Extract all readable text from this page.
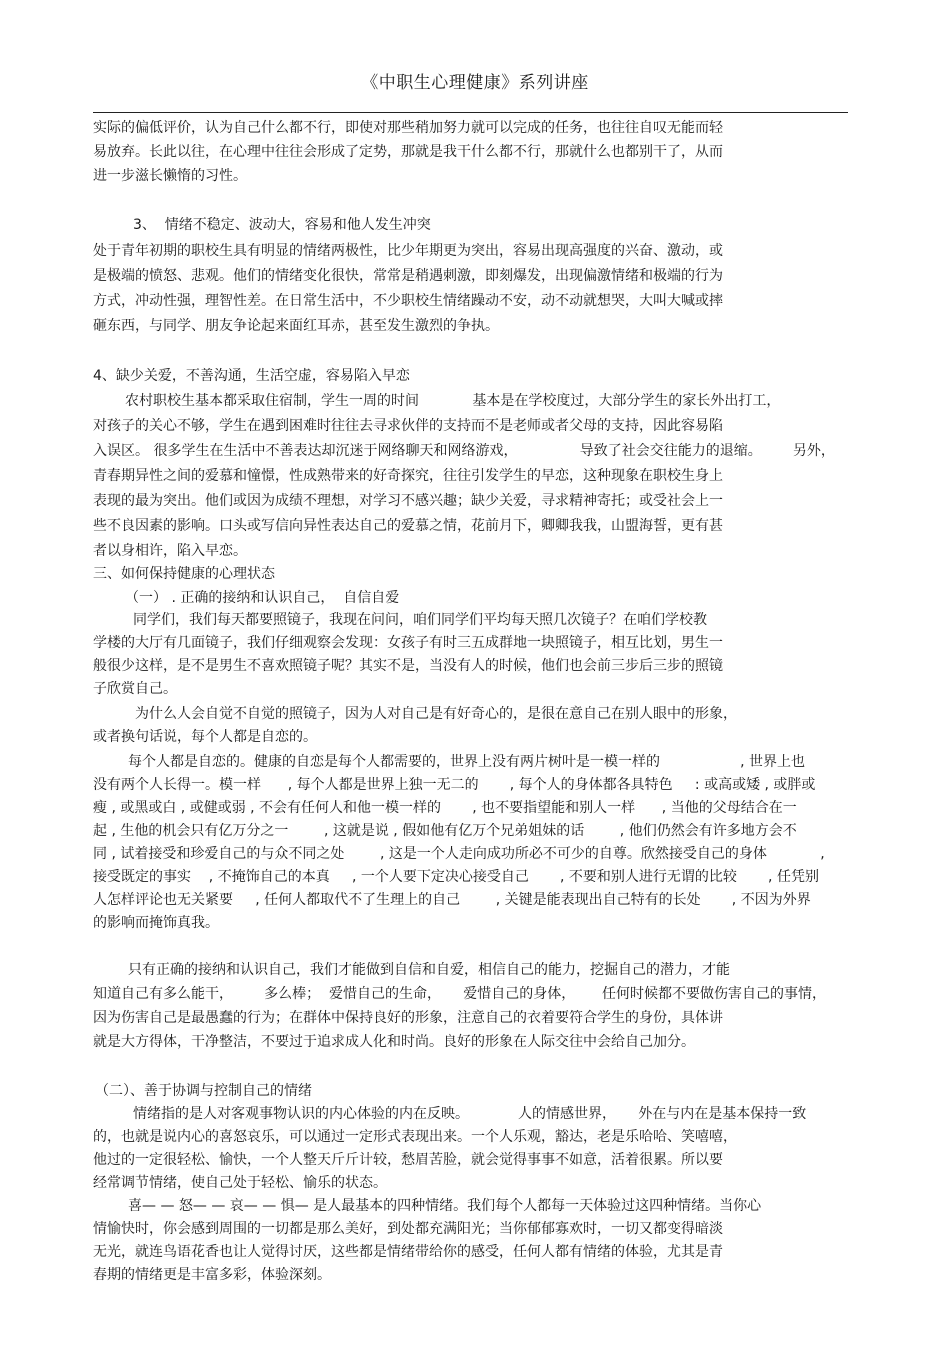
《中职生心理健康》系列讲座
实际的偏低评价，认为自己什么都不行，即使对那些稍加努力就可以完成的任务，也往往自叹无能而轻
易放弃。长此以往，在心理中往往会形成了定势，那就是我干什么都不行，那就什么也都别干了，从而
进一步滋长懒惰的习性。
3、  情绪不稳定、波动大，容易和他人发生冲突
处于青年初期的职校生具有明显的情绪两极性，比少年期更为突出，容易出现高强度的兴奋、激动，或
是极端的愤怒、悲观。他们的情绪变化很快，常常是稍遇刺激，即刻爆发，出现偏激情绪和极端的行为
方式，冲动性强，理智性差。在日常生活中，不少职校生情绪躁动不安，动不动就想哭，大叫大喊或摔
砸东西，与同学、朋友争论起来面红耳赤，甚至发生激烈的争执。
4、缺少关爱，不善沟通，生活空虚，容易陷入早恋
农村职校生基本都采取住宿制，学生一周的时间            基本是在学校度过，大部分学生的家长外出打工，
对孩子的关心不够，学生在遇到困难时往往去寻求伙伴的支持而不是老师或者父母的支持，因此容易陷
入误区。 很多学生在生活中不善表达却沉迷于网络聊天和网络游戏，              导致了社会交往能力的退缩。       另外，
青春期异性之间的爱慕和憧憬，性成熟带来的好奇探究，往往引发学生的早恋，这种现象在职校生身上
表现的最为突出。他们或因为成绩不理想，对学习不感兴趣；缺少关爱，寻求精神寄托；或受社会上一
些不良因素的影响。口头或写信向异性表达自己的爱慕之情，花前月下，卿卿我我，山盟海誓，更有甚
者以身相许，陷入早恋。
三、如何保持健康的心理状态
（一） . 正确的接纳和认识自己，  自信自爱
同学们，我们每天都要照镜子，我现在问问，咱们同学们平均每天照几次镜子？在咱们学校教
学楼的大厅有几面镜子，我们仔细观察会发现：女孩子有时三五成群地一块照镜子，相互比划，男生一
般很少这样，是不是男生不喜欢照镜子呢？其实不是，当没有人的时候，他们也会前三步后三步的照镜
子欣赏自己。
为什么人会自觉不自觉的照镜子，因为人对自己是有好奇心的，是很在意自己在别人眼中的形象，
或者换句话说，每个人都是自恋的。
每个人都是自恋的。健康的自恋是每个人都需要的，世界上没有两片树叶是一模一样的                  , 世界上也
没有两个人长得一。模一样      , 每个人都是世界上独一无二的       , 每个人的身体都各具特色     : 或高或矮 , 或胖或
瘦 , 或黑或白 , 或健或弱 , 不会有任何人和他一模一样的       , 也不要指望能和别人一样      , 当他的父母结合在一
起 , 生他的机会只有亿万分之一        , 这就是说 , 假如他有亿万个兄弟姐妹的话        , 他们仍然会有许多地方会不
同 , 试着接受和珍爱自己的与众不同之处        , 这是一个人走向成功所必不可少的自尊。欣然接受自己的身体            ,
接受既定的事实    , 不掩饰自己的本真     , 一个人要下定决心接受自己       , 不要和别人进行无谓的比较       , 任凭别
人怎样评论也无关紧要     , 任何人都取代不了生理上的自己        , 关键是能表现出自己特有的长处       , 不因为外界
的影响而掩饰真我。
只有正确的接纳和认识自己，我们才能做到自信和自爱，相信自己的能力，挖掘自己的潜力，才能
知道自己有多么能干，       多么棒；  爱惜自己的生命，     爱惜自己的身体，      任何时候都不要做伤害自己的事情，
因为伤害自己是最愚蠢的行为；在群体中保持良好的形象，注意自己的衣着要符合学生的身份，具体讲
就是大方得体，干净整洁，不要过于追求成人化和时尚。良好的形象在人际交往中会给自己加分。
（二）、善于协调与控制自己的情绪
情绪指的是人对客观事物认识的内心体验的内在反映。           人的情感世界，     外在与内在是基本保持一致
的，也就是说内心的喜怒哀乐，可以通过一定形式表现出来。一个人乐观，豁达，老是乐哈哈、笑嘻嘻，
他过的一定很轻松、愉快，一个人整天斤斤计较，愁眉苦脸，就会觉得事事不如意，活着很累。所以要
经常调节情绪，使自己处于轻松、愉乐的状态。
喜— — 怒— — 哀— — 惧— 是人最基本的四种情绪。我们每个人都每一天体验过这四种情绪。当你心
情愉快时，你会感到周围的一切都是那么美好，到处都充满阳光；当你郁郁寡欢时，一切又都变得暗淡
无光，就连鸟语花香也让人觉得讨厌，这些都是情绪带给你的感受，任何人都有情绪的体验，尤其是青
春期的情绪更是丰富多彩，体验深刻。
